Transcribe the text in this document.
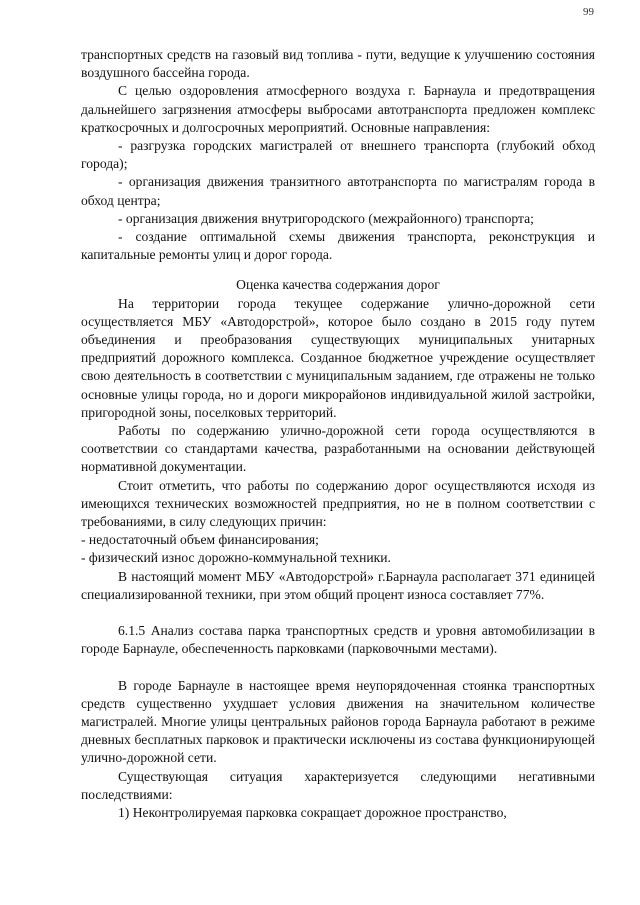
99

транспортных средств на газовый вид топлива - пути, ведущие к улучшению состояния воздушного бассейна города.

С целью оздоровления атмосферного воздуха г. Барнаула и предотвращения дальнейшего загрязнения атмосферы выбросами автотранспорта предложен комплекс краткосрочных и долгосрочных мероприятий. Основные направления:

- разгрузка городских магистралей от внешнего транспорта (глубокий обход города);

- организация движения транзитного автотранспорта по магистралям города в обход центра;

- организация движения внутригородского (межрайонного) транспорта;

- создание оптимальной схемы движения транспорта, реконструкция и капитальные ремонты улиц и дорог города.

Оценка качества содержания дорог

На территории города текущее содержание улично-дорожной сети осуществляется МБУ «Автодорстрой», которое было создано в 2015 году путем объединения и преобразования существующих муниципальных унитарных предприятий дорожного комплекса. Созданное бюджетное учреждение осуществляет свою деятельность в соответствии с муниципальным заданием, где отражены не только основные улицы города, но и дороги микрорайонов индивидуальной жилой застройки, пригородной зоны, поселковых территорий.

Работы по содержанию улично-дорожной сети города осуществляются в соответствии со стандартами качества, разработанными на основании действующей нормативной документации.

Стоит отметить, что работы по содержанию дорог осуществляются исходя из имеющихся технических возможностей предприятия, но не в полном соответствии с требованиями, в силу следующих причин:

- недостаточный объем финансирования;

- физический износ дорожно-коммунальной техники.

В настоящий момент МБУ «Автодорстрой» г.Барнаула располагает 371 единицей специализированной техники, при этом общий процент износа составляет 77%.

6.1.5 Анализ состава парка транспортных средств и уровня автомобилизации в городе Барнауле, обеспеченность парковками (парковочными местами).

В городе Барнауле в настоящее время неупорядоченная стоянка транспортных средств существенно ухудшает условия движения на значительном количестве магистралей. Многие улицы центральных районов города Барнаула работают в режиме дневных бесплатных парковок и практически исключены из состава функционирующей улично-дорожной сети.

Существующая ситуация характеризуется следующими негативными последствиями:

1) Неконтролируемая парковка сокращает дорожное пространство,
